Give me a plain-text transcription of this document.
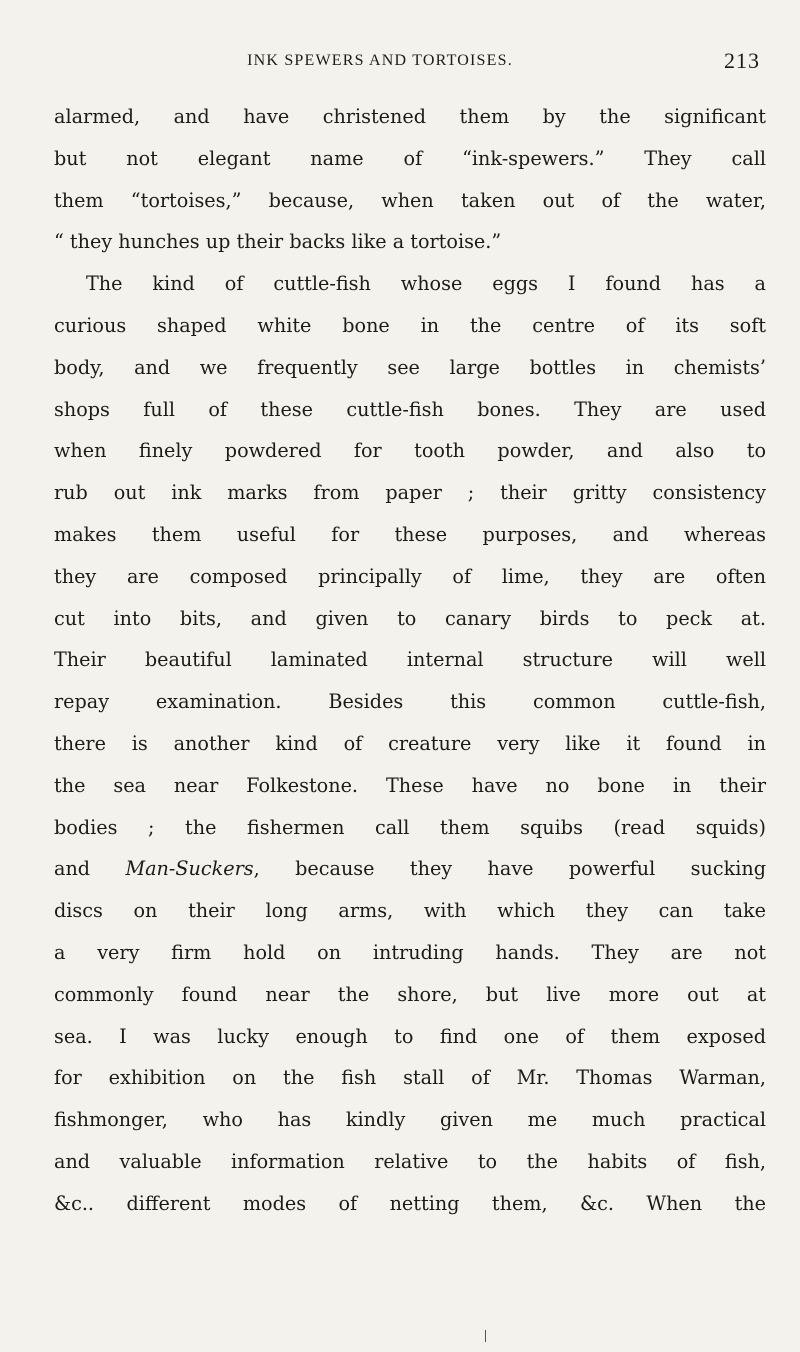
INK SPEWERS AND TORTOISES.	213
alarmed, and have christened them by the significant
but not elegant name of “ink-spewers.” They call
them “tortoises,” because, when taken out of the water,
“ they hunches up their backs like a tortoise.”
The kind of cuttle-fish whose eggs I found has a
curious shaped white bone in the centre of its soft
body, and we frequently see large bottles in chemists’
shops full of these cuttle-fish bones. They are used
when finely powdered for tooth powder, and also to
rub out ink marks from paper ; their gritty consistency
makes them useful for these purposes, and whereas
they are composed principally of lime, they are often
cut into bits, and given to canary birds to peck at.
Their beautiful laminated internal structure will well
repay examination. Besides this common cuttle-fish,
there is another kind of creature very like it found in
the sea near Folkestone. These have no bone in their
bodies ; the fishermen call them squibs (read squids)
and Man-Suckers, because they have powerful sucking
discs on their long arms, with which they can take
a very firm hold on intruding hands. They are not
commonly found near the shore, but live more out at
sea. I was lucky enough to find one of them exposed
for exhibition on the fish stall of Mr. Thomas Warman,
fishmonger, who has kindly given me much practical
and valuable information relative to the habits of fish,
&c.. different modes of netting them, &c. When the
